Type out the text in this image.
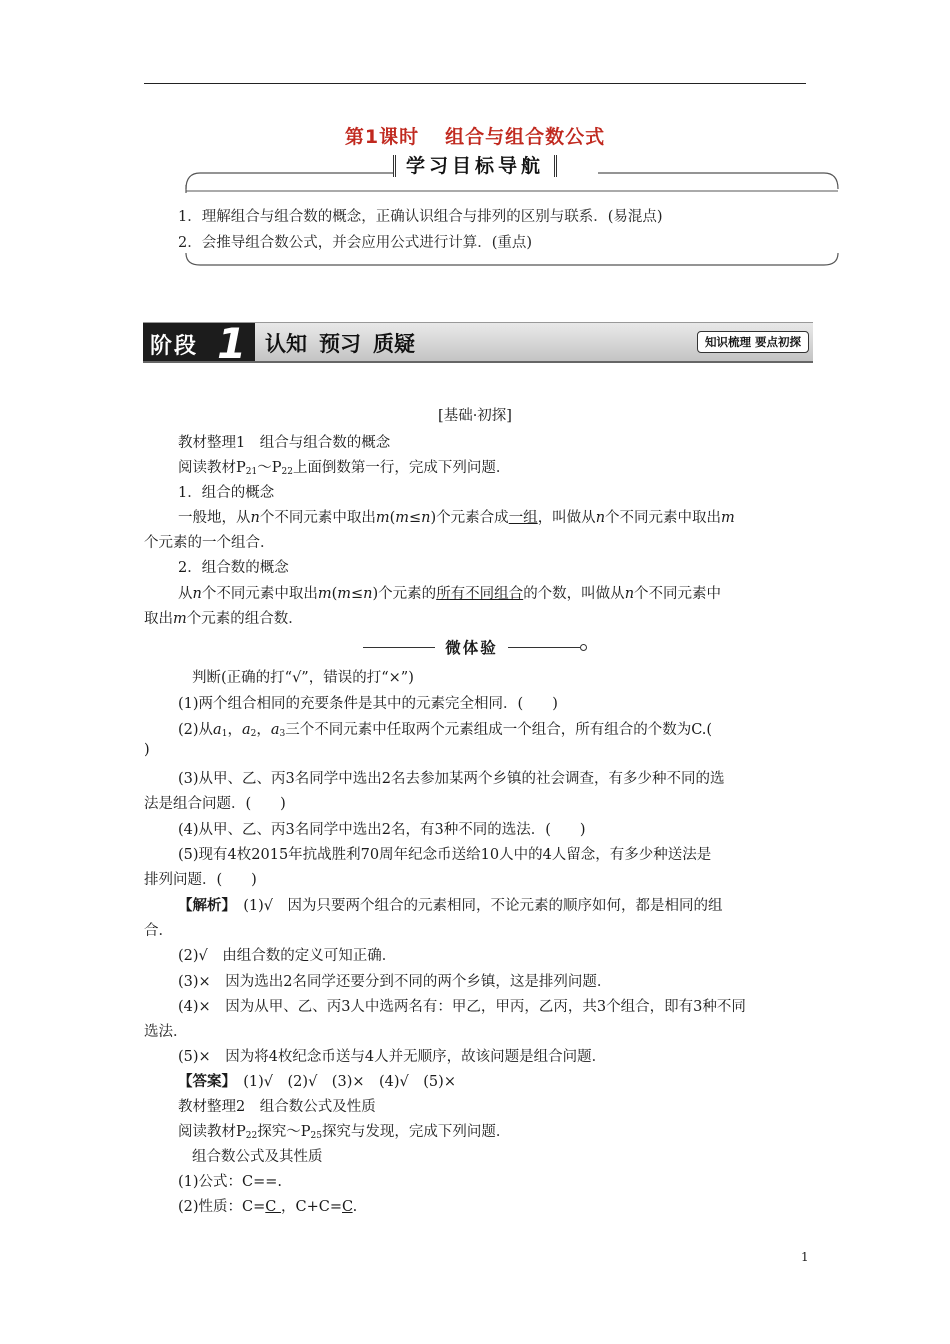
第1课时 组合与组合数公式
学习目标导航
1．理解组合与组合数的概念，正确认识组合与排列的区别与联系．(易混点)
2．会推导组合数公式，并会应用公式进行计算．(重点)
阶段 1 认知 预习 质疑	知识梳理 要点初探
[基础·初探]
教材整理1　组合与组合数的概念
阅读教材$P_{21}\sim P_{22}$上面倒数第一行，完成下列问题．
1．组合的概念
一般地，从n个不同元素中取出m(m≤n)个元素合成一组，叫做从n个不同元素中取出m
个元素的一个组合．
2．组合数的概念
从n个不同元素中取出m(m≤n)个元素的所有不同组合的个数，叫做从n个不同元素中
取出m个元素的组合数．
微体验
判断(正确的打“√”，错误的打“×”)
(1)两个组合相同的充要条件是其中的元素完全相同．(　　)
(2)从$a_1$，$a_2$，$a_3$三个不同元素中任取两个元素组成一个组合，所有组合的个数为C.(
)
(3)从甲、乙、丙3名同学中选出2名去参加某两个乡镇的社会调查，有多少种不同的选
法是组合问题．(　　)
(4)从甲、乙、丙3名同学中选出2名，有3种不同的选法．(　　)
(5)现有4枚2015年抗战胜利70周年纪念币送给10人中的4人留念，有多少种送法是
排列问题．(　　)
【解析】　(1)√　因为只要两个组合的元素相同，不论元素的顺序如何，都是相同的组
合．
(2)√　由组合数的定义可知正确．
(3)×　因为选出2名同学还要分到不同的两个乡镇，这是排列问题．
(4)×　因为从甲、乙、丙3人中选两名有：甲乙，甲丙，乙丙，共3个组合，即有3种不同
选法．
(5)×　因为将4枚纪念币送与4人并无顺序，故该问题是组合问题．
【答案】　(1)√　(2)√　(3)×　(4)√　(5)×
教材整理2　组合数公式及性质
阅读教材$P_{22}$探究$\sim P_{25}$探究与发现，完成下列问题．
组合数公式及其性质
(1)公式：C==.
(2)性质：C=C ，C+C=C.
1
